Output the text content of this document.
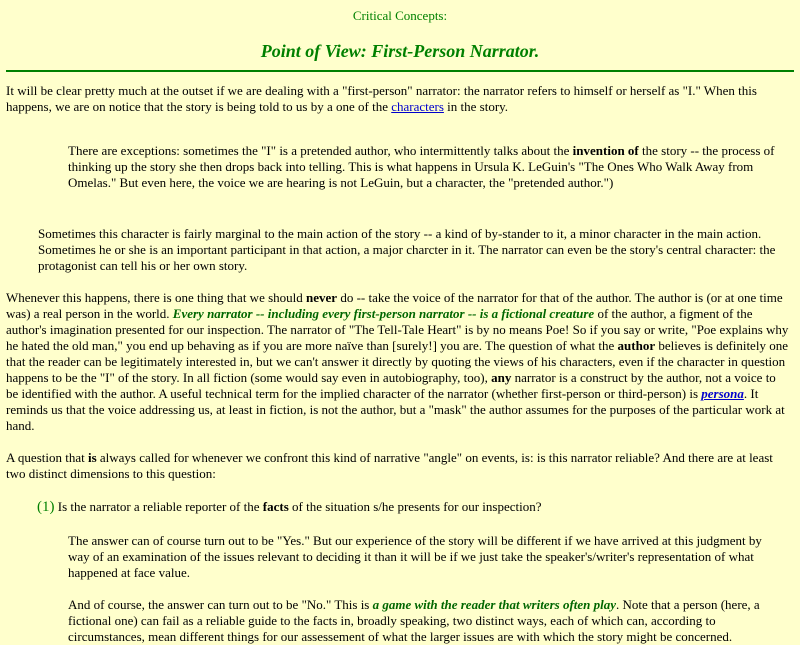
Critical Concepts:
Point of View: First-Person Narrator.

It will be clear pretty much at the outset if we are dealing with a "first-person" narrator: the narrator refers to himself or herself as "I." When this happens, we are on notice that the story is being told to us by a one of the characters in the story.

There are exceptions: sometimes the "I" is a pretended author, who intermittently talks about the invention of the story -- the process of thinking up the story she then drops back into telling. This is what happens in Ursula K. LeGuin's "The Ones Who Walk Away from Omelas." But even here, the voice we are hearing is not LeGuin, but a character, the "pretended author.")

Sometimes this character is fairly marginal to the main action of the story -- a kind of by-stander to it, a minor character in the main action. Sometimes he or she is an important participant in that action, a major charcter in it. The narrator can even be the story's central character: the protagonist can tell his or her own story.

Whenever this happens, there is one thing that we should never do -- take the voice of the narrator for that of the author. The author is (or at one time was) a real person in the world. Every narrator -- including every first-person narrator -- is a fictional creature of the author, a figment of the author's imagination presented for our inspection. The narrator of "The Tell-Tale Heart" is by no means Poe! So if you say or write, "Poe explains why he hated the old man," you end up behaving as if you are more naïve than [surely!] you are. The question of what the author believes is definitely one that the reader can be legitimately interested in, but we can't answer it directly by quoting the views of his characters, even if the character in question happens to be the "I" of the story. In all fiction (some would say even in autobiography, too), any narrator is a construct by the author, not a voice to be identified with the author. A useful technical term for the implied character of the narrator (whether first-person or third-person) is persona. It reminds us that the voice addressing us, at least in fiction, is not the author, but a "mask" the author assumes for the purposes of the particular work at hand.

A question that is always called for whenever we confront this kind of narrative "angle" on events, is: is this narrator reliable? And there are at least two distinct dimensions to this question:

(1) Is the narrator a reliable reporter of the facts of the situation s/he presents for our inspection?

The answer can of course turn out to be "Yes." But our experience of the story will be different if we have arrived at this judgment by way of an examination of the issues relevant to deciding it than it will be if we just take the speaker's/writer's representation of what happened at face value.

And of course, the answer can turn out to be "No." This is a game with the reader that writers often play. Note that a person (here, a fictional one) can fail as a reliable guide to the facts in, broadly speaking, two distinct ways, each of which can, according to circumstances, mean different things for our assessement of what the larger issues are with which the story might be concerned.
